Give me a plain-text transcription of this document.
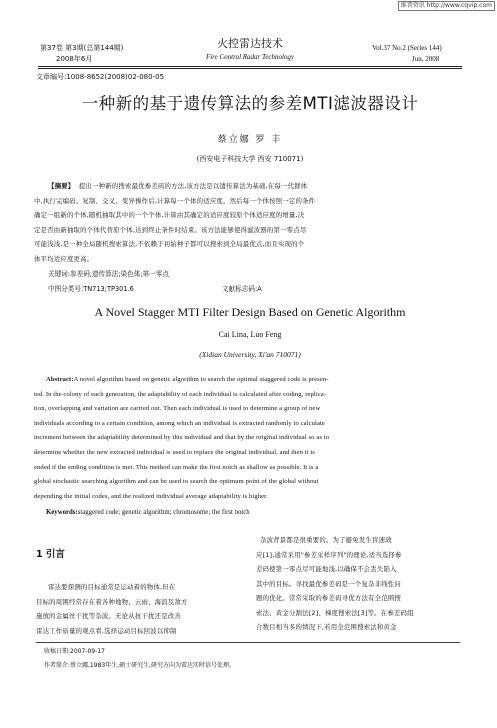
维普资讯 http://www.cqvip.com
第37卷 第3期(总第144期)
2008年6月
火控雷达技术
Fire Control Radar Technology
Vol.37 No.2 (Series 144)
Jun. 2008
文章编号:1008-8652(2008)02-080-05
一种新的基于遗传算法的参差MTI滤波器设计
蔡立娜 罗 丰
(西安电子科技大学 西安 710071)
【摘要】 提出一种新的搜索最优参差码的方法,该方法是以遗传算法为基础,在每一代群体
中,执行完编码、复制、交叉、变异操作后,计算每一个体的适应度。然后每一个体按照一定的条件
确定一组新的个体,随机抽取其中的一个个体,计算由其确定的适应度较原个体适应度的增量,决
定是否由新抽取的个体代替原个体,达到终止条件时结束。该方法能够使得滤波器的第一零点尽
可能浅浅,是一种全局随机搜索算法,不依赖于初始种子都可以搜索到全局最优点,而且实现的个
体平均适应度更高。
关键词:参差码;遗传算法;染色体;第一零点
中图分类号:TN713;TP301.6	文献标志码:A
A Novel Stagger MTI Filter Design Based on Genetic Algorithm
Cai Lina, Luo Feng
(Xidian University, Xi'an 710071)
Abstract:A novel algorithm based on genetic algorithm to search the optimal staggered code is presen-
ted. In the colony of each generation, the adaptability of each individual is calculated after coding, replica-
tion, overlapping and variation are carried out. Then each individual is used to determine a group of new
individuals according to a certain condition, among which an individual is extracted randomly to calculate
increment between the adaptability determined by this individual and that by the original individual so as to
determine whether the new extracted individual is used to replace the original individual, and then it is
ended if the ending condition is met. This method can make the first notch as shallow as possible. It is a
global stochastic searching algorithm and can be used to search the optimum point of the global without
depending the initial codes, and the realized individual average adaptability is higher.
Keywords:staggered code; genetic algorithm; chromosome; the first notch
1 引言
雷达要探测的目标通常是运动着的物体,但在
目标的周围经常存在着各种地物、云雨、海浪及敌方
施放的金属丝干扰等杂波。无论从抗干扰还是改善
雷达工作质量的观点看,选择运动目标回波以抑制
杂波背景都是很重要的。为了避免发生盲速效
应[1],通常采用"参差采样序列"的理论,适当选择参
差码使第一零点尽可能地浅,以确保不会丢失陷入
其中的目标。寻找最优参差码是一个复杂非线性问
题的优化。常常采取的参差码寻优方法有全范围搜
索法、黄金分割法[2]、梯度搜索法[3]等。在参差码组
合数目相当多的情况下,若用全范围搜索法和黄金
收稿日期:2007-09-17
作者简介:蔡立娜,1983年生,硕士研究生,研究方向为雷达实时信号处理。
